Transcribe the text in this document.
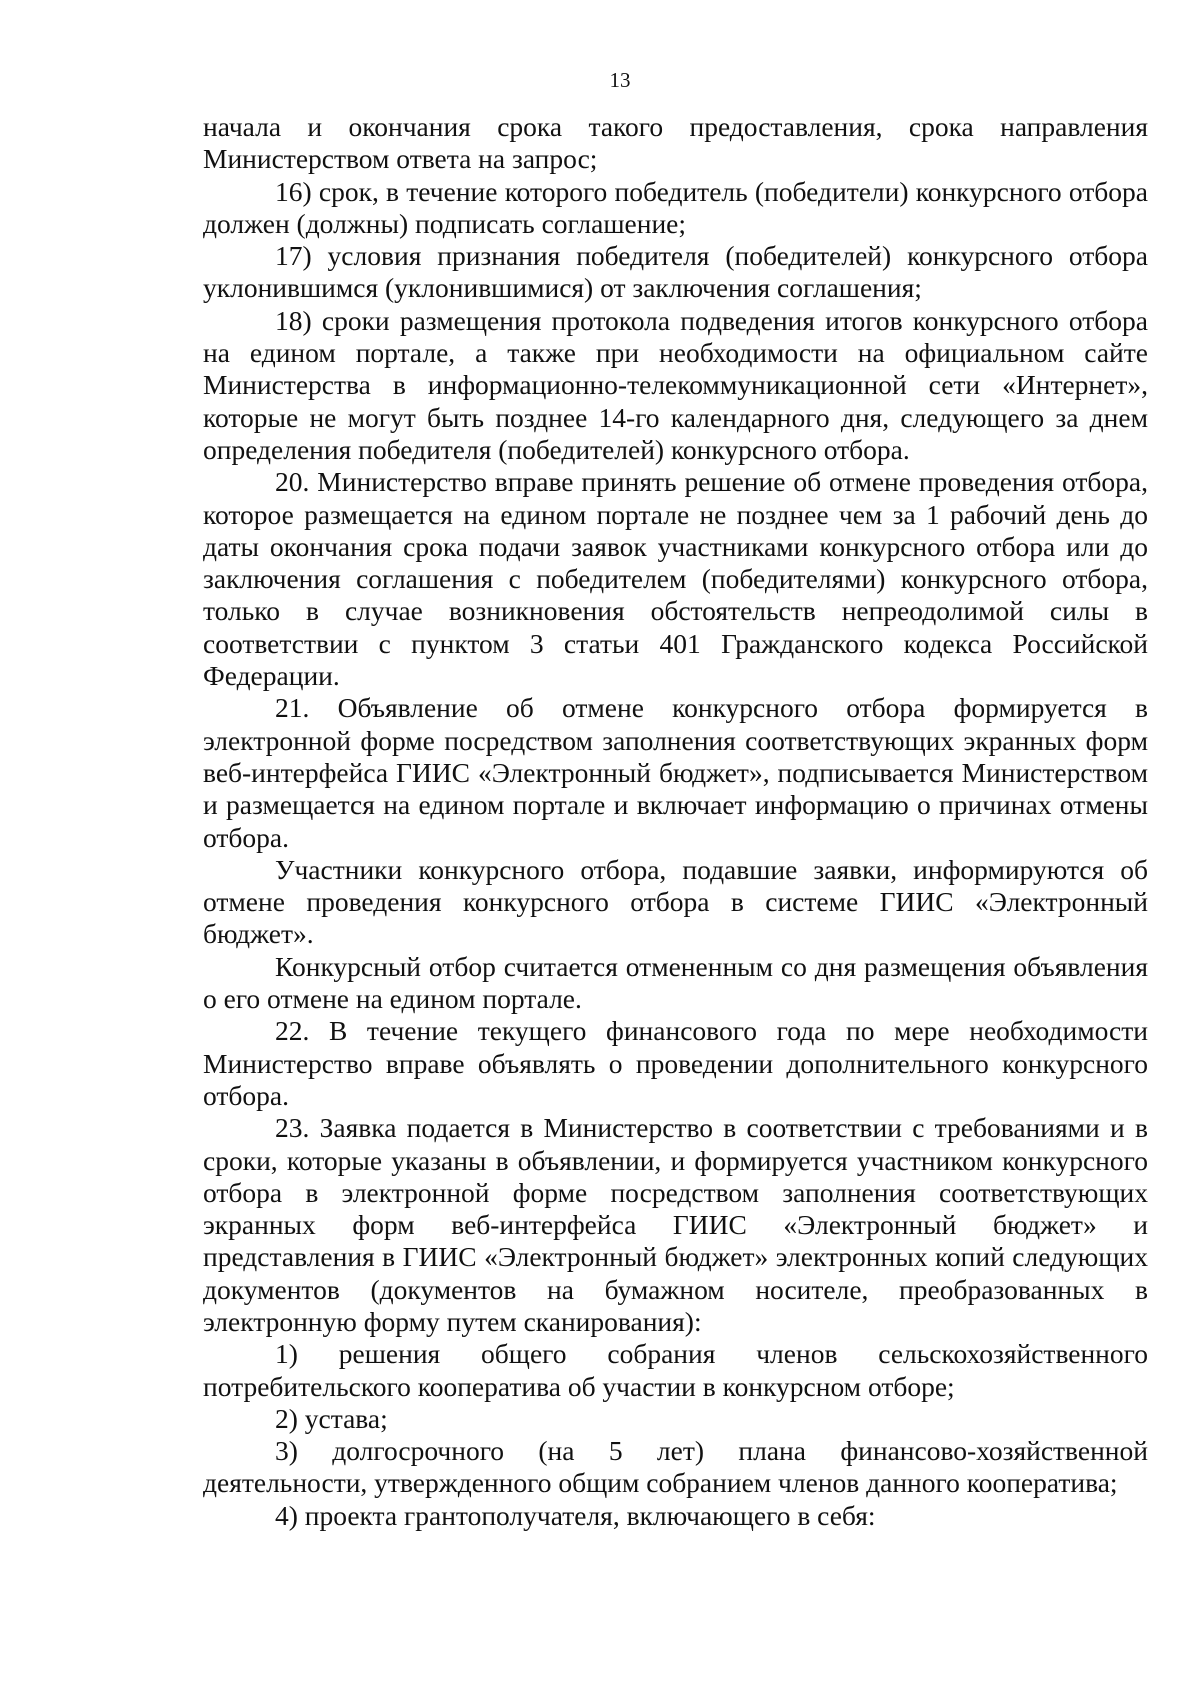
13

начала и окончания срока такого предоставления, срока направления Министерством ответа на запрос;

16) срок, в течение которого победитель (победители) конкурсного отбора должен (должны) подписать соглашение;

17) условия признания победителя (победителей) конкурсного отбора уклонившимся (уклонившимися) от заключения соглашения;

18) сроки размещения протокола подведения итогов конкурсного отбора на едином портале, а также при необходимости на официальном сайте Министерства в информационно-телекоммуникационной сети «Интернет», которые не могут быть позднее 14-го календарного дня, следующего за днем определения победителя (победителей) конкурсного отбора.

20. Министерство вправе принять решение об отмене проведения отбора, которое размещается на едином портале не позднее чем за 1 рабочий день до даты окончания срока подачи заявок участниками конкурсного отбора или до заключения соглашения с победителем (победителями) конкурсного отбора, только в случае возникновения обстоятельств непреодолимой силы в соответствии с пунктом 3 статьи 401 Гражданского кодекса Российской Федерации.

21. Объявление об отмене конкурсного отбора формируется в электронной форме посредством заполнения соответствующих экранных форм веб-интерфейса ГИИС «Электронный бюджет», подписывается Министерством и размещается на едином портале и включает информацию о причинах отмены отбора.

Участники конкурсного отбора, подавшие заявки, информируются об отмене проведения конкурсного отбора в системе ГИИС «Электронный бюджет».

Конкурсный отбор считается отмененным со дня размещения объявления о его отмене на едином портале.

22. В течение текущего финансового года по мере необходимости Министерство вправе объявлять о проведении дополнительного конкурсного отбора.

23. Заявка подается в Министерство в соответствии с требованиями и в сроки, которые указаны в объявлении, и формируется участником конкурсного отбора в электронной форме посредством заполнения соответствующих экранных форм веб-интерфейса ГИИС «Электронный бюджет» и представления в ГИИС «Электронный бюджет» электронных копий следующих документов (документов на бумажном носителе, преобразованных в электронную форму путем сканирования):

1) решения общего собрания членов сельскохозяйственного потребительского кооператива об участии в конкурсном отборе;

2) устава;

3) долгосрочного (на 5 лет) плана финансово-хозяйственной деятельности, утвержденного общим собранием членов данного кооператива;

4) проекта грантополучателя, включающего в себя:
